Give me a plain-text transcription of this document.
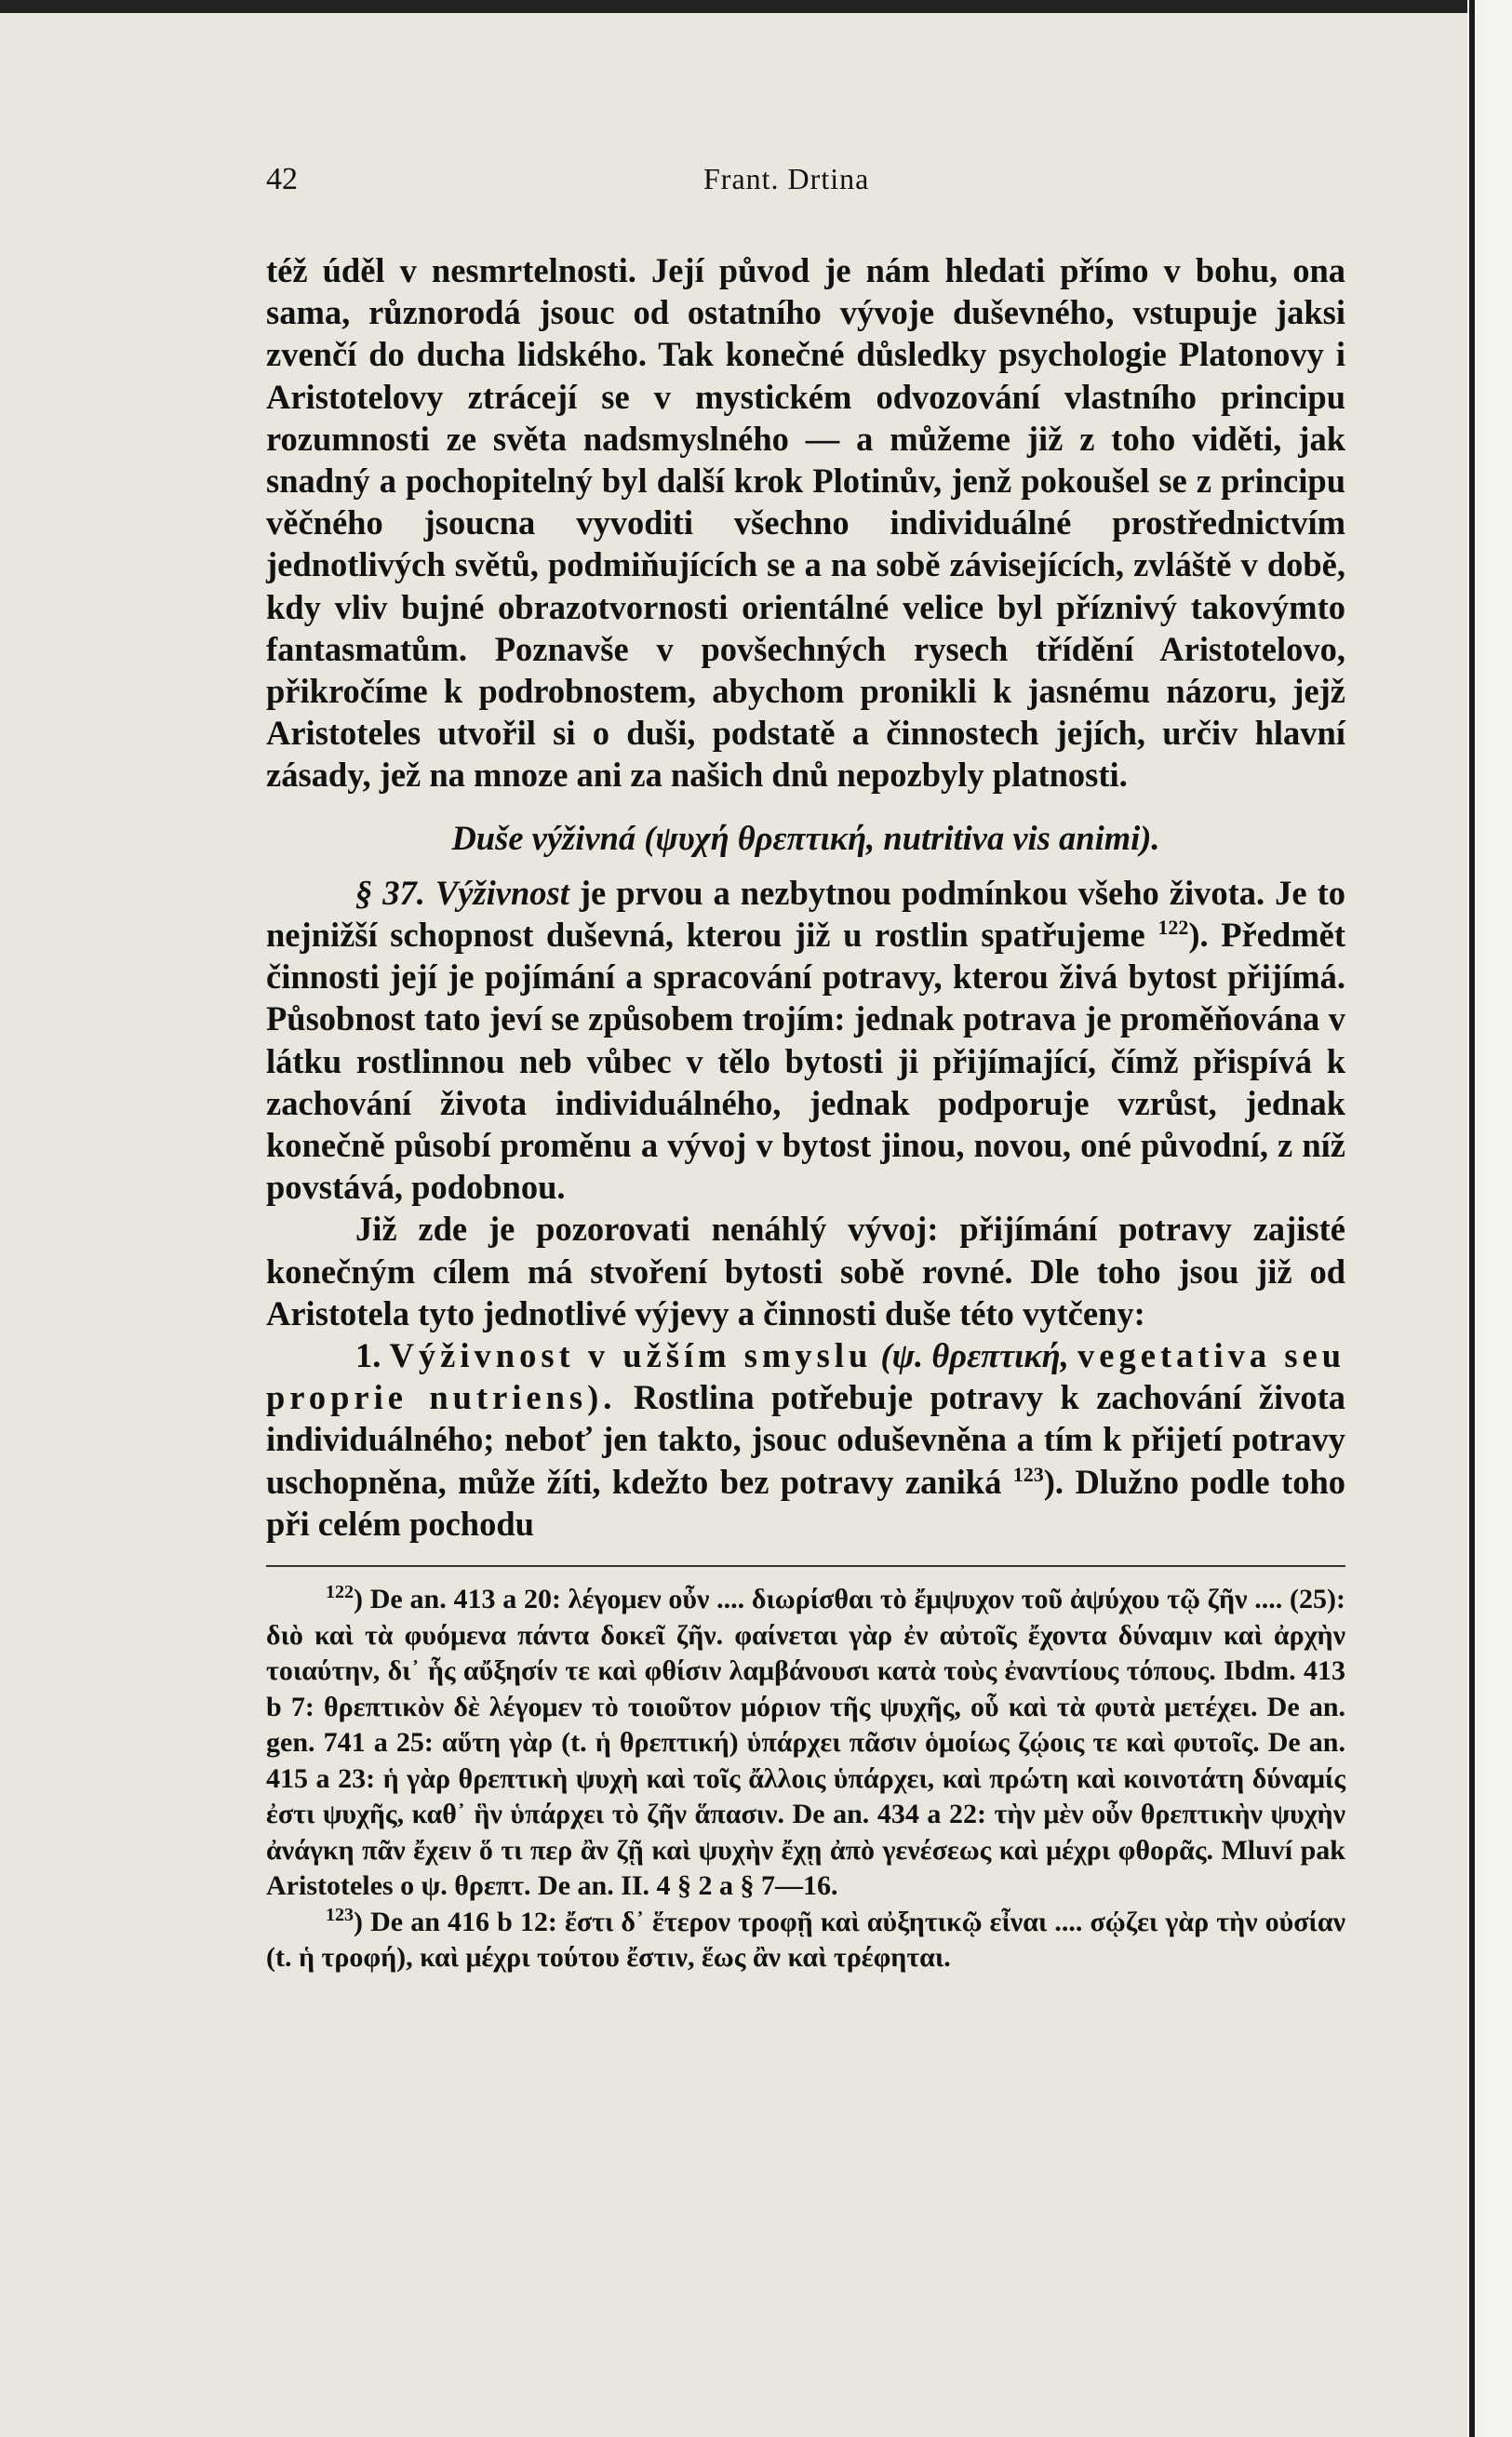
42	Frant. Drtina

též úděl v nesmrtelnosti. Její původ je nám hledati přímo v bohu, ona sama, různorodá jsouc od ostatního vývoje duševného, vstupuje jaksi zvenčí do ducha lidského. Tak konečné důsledky psychologie Platonovy i Aristotelovy ztrácejí se v mystickém odvozování vlastního principu rozumnosti ze světa nadsmyslného — a můžeme již z toho viděti, jak snadný a pochopitelný byl další krok Plotinův, jenž pokoušel se z principu věčného jsoucna vyvoditi všechno individuálné prostřednictvím jednotlivých světů, podmiňujících se a na sobě závisejících, zvláště v době, kdy vliv bujné obrazotvornosti orientálné velice byl příznivý takovýmto fantasmatům. Poznavše v povšechných rysech třídění Aristotelovo, přikročíme k podrobnostem, abychom pronikli k jasnému názoru, jejž Aristoteles utvořil si o duši, podstatě a činnostech jejích, určiv hlavní zásady, jež na mnoze ani za našich dnů nepozbyly platnosti.

Duše výživná (ψυχή θρεπτική, nutritiva vis animi).

§ 37. Výživnost je prvou a nezbytnou podmínkou všeho života. Je to nejnižší schopnost duševná, kterou již u rostlin spatřujeme $^{122}$). Předmět činnosti její je pojímání a spracování potravy, kterou živá bytost přijímá. Působnost tato jeví se způsobem trojím: jednak potrava je proměňována v látku rostlinnou neb vůbec v tělo bytosti ji přijímající, čímž přispívá k zachování života individuálného, jednak podporuje vzrůst, jednak konečně působí proměnu a vývoj v bytost jinou, novou, oné původní, z níž povstává, podobnou.

Již zde je pozorovati nenáhlý vývoj: přijímání potravy zajisté konečným cílem má stvoření bytosti sobě rovné. Dle toho jsou již od Aristotela tyto jednotlivé výjevy a činnosti duše této vytčeny:

1. Výživnost v užším smyslu (ψ. θρεπτική, vegetativa seu proprie nutriens). Rostlina potřebuje potravy k zachování života individuálného; neboť jen takto, jsouc oduševněna a tím k přijetí potravy uschopněna, může žíti, kdežto bez potravy zaniká $^{123}$). Dlužno podle toho při celém pochodu

$^{122}$) De an. 413 a 20: λέγομεν οὖν .... διωρίσθαι τὸ ἔμψυχον τοῦ ἀψύχου τῷ ζῆν .... (25): διὸ καὶ τὰ φυόμενα πάντα δοκεῖ ζῆν. φαίνεται γὰρ ἐν αὐτοῖς ἔχοντα δύναμιν καὶ ἀρχὴν τοιαύτην, δι᾽ ἧς αὔξησίν τε καὶ φθίσιν λαμβάνουσι κατὰ τοὺς ἐναντίους τόπους. Ibdm. 413 b 7: θρεπτικὸν δὲ λέγομεν τὸ τοιοῦτον μόριον τῆς ψυχῆς, οὗ καὶ τὰ φυτὰ μετέχει. De an. gen. 741 a 25: αὕτη γὰρ (t. ἡ θρεπτική) ὑπάρχει πᾶσιν ὁμοίως ζῴοις τε καὶ φυτοῖς. De an. 415 a 23: ἡ γὰρ θρεπτικὴ ψυχὴ καὶ τοῖς ἄλλοις ὑπάρχει, καὶ πρώτη καὶ κοινοτάτη δύναμίς ἐστι ψυχῆς, καθ᾽ ἣν ὑπάρχει τὸ ζῆν ἅπασιν. De an. 434 a 22: τὴν μὲν οὖν θρεπτικὴν ψυχὴν ἀνάγκη πᾶν ἔχειν ὅ τι περ ἂν ζῇ καὶ ψυχὴν ἔχῃ ἀπὸ γενέσεως καὶ μέχρι φθορᾶς. Mluví pak Aristoteles o ψ. θρεπτ. De an. II. 4 § 2 a § 7—16.

$^{123}$) De an 416 b 12: ἔστι δ᾽ ἕτερον τροφῇ καὶ αὐξητικῷ εἶναι .... σῴζει γὰρ τὴν οὐσίαν (t. ἡ τροφή), καὶ μέχρι τούτου ἔστιν, ἕως ἂν καὶ τρέφηται.
